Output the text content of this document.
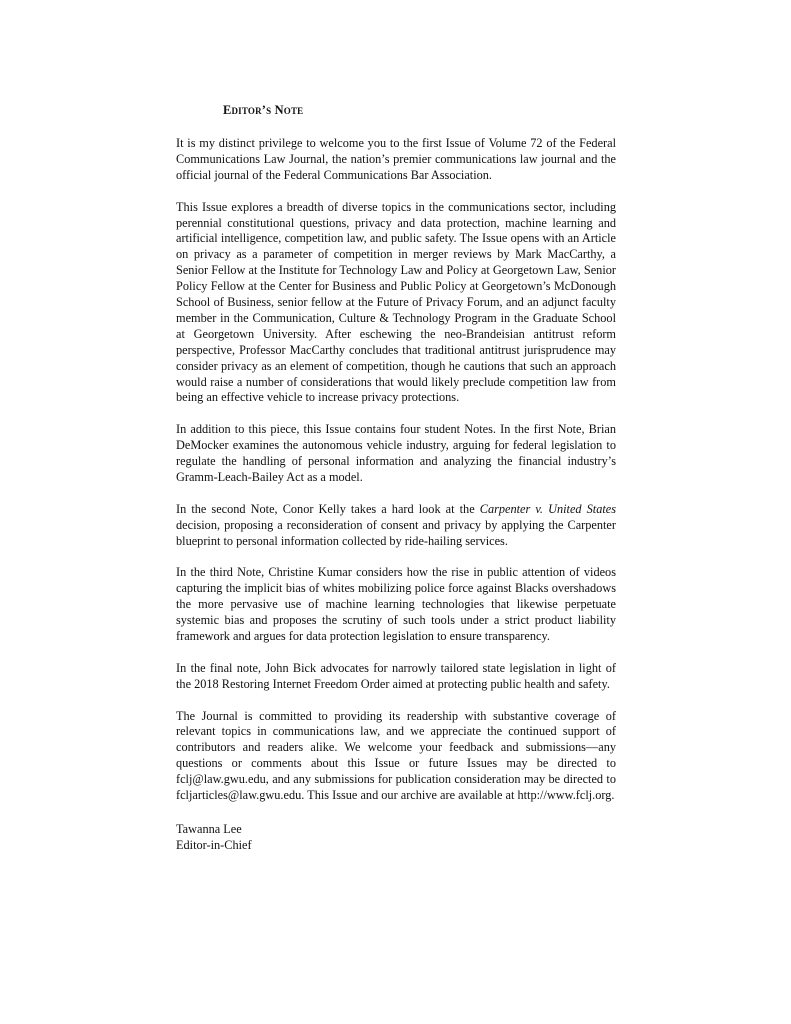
Editor’s Note

It is my distinct privilege to welcome you to the first Issue of Volume 72 of the Federal Communications Law Journal, the nation’s premier communications law journal and the official journal of the Federal Communications Bar Association.

This Issue explores a breadth of diverse topics in the communications sector, including perennial constitutional questions, privacy and data protection, machine learning and artificial intelligence, competition law, and public safety. The Issue opens with an Article on privacy as a parameter of competition in merger reviews by Mark MacCarthy, a Senior Fellow at the Institute for Technology Law and Policy at Georgetown Law, Senior Policy Fellow at the Center for Business and Public Policy at Georgetown’s McDonough School of Business, senior fellow at the Future of Privacy Forum, and an adjunct faculty member in the Communication, Culture & Technology Program in the Graduate School at Georgetown University. After eschewing the neo-Brandeisian antitrust reform perspective, Professor MacCarthy concludes that traditional antitrust jurisprudence may consider privacy as an element of competition, though he cautions that such an approach would raise a number of considerations that would likely preclude competition law from being an effective vehicle to increase privacy protections.

In addition to this piece, this Issue contains four student Notes. In the first Note, Brian DeMocker examines the autonomous vehicle industry, arguing for federal legislation to regulate the handling of personal information and analyzing the financial industry’s Gramm-Leach-Bailey Act as a model.

In the second Note, Conor Kelly takes a hard look at the Carpenter v. United States decision, proposing a reconsideration of consent and privacy by applying the Carpenter blueprint to personal information collected by ride-hailing services.

In the third Note, Christine Kumar considers how the rise in public attention of videos capturing the implicit bias of whites mobilizing police force against Blacks overshadows the more pervasive use of machine learning technologies that likewise perpetuate systemic bias and proposes the scrutiny of such tools under a strict product liability framework and argues for data protection legislation to ensure transparency.

In the final note, John Bick advocates for narrowly tailored state legislation in light of the 2018 Restoring Internet Freedom Order aimed at protecting public health and safety.

The Journal is committed to providing its readership with substantive coverage of relevant topics in communications law, and we appreciate the continued support of contributors and readers alike. We welcome your feedback and submissions—any questions or comments about this Issue or future Issues may be directed to fclj@law.gwu.edu, and any submissions for publication consideration may be directed to fcljarticles@law.gwu.edu. This Issue and our archive are available at http://www.fclj.org.

Tawanna Lee
Editor-in-Chief
